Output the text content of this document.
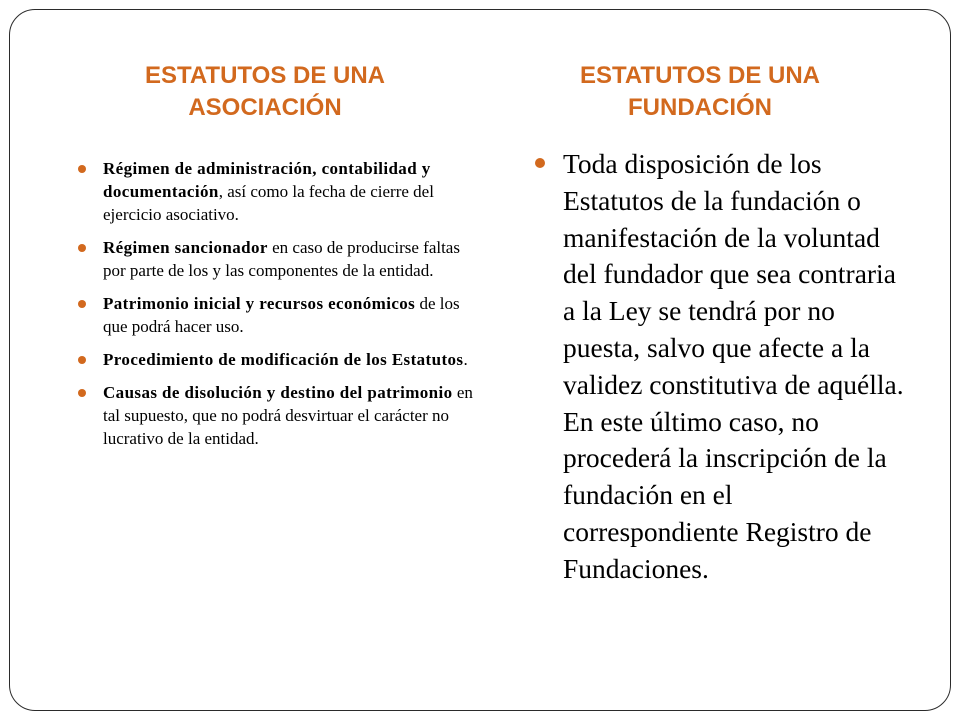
ESTATUTOS DE UNA
ASOCIACIÓN
ESTATUTOS DE UNA
FUNDACIÓN
Régimen de administración, contabilidad y documentación, así como la fecha de cierre del ejercicio asociativo.
Régimen sancionador en caso de producirse faltas por parte de los y las componentes de la entidad.
Patrimonio inicial y recursos económicos de los que podrá hacer uso.
Procedimiento de modificación de los Estatutos.
Causas de disolución y destino del patrimonio en tal supuesto, que no podrá desvirtuar el carácter no lucrativo de la entidad.
Toda disposición de los Estatutos de la fundación o manifestación de la voluntad del fundador que sea contraria a la Ley se tendrá por no puesta, salvo que afecte a la validez constitutiva de aquélla. En este último caso, no procederá la inscripción de la fundación en el correspondiente Registro de Fundaciones.
